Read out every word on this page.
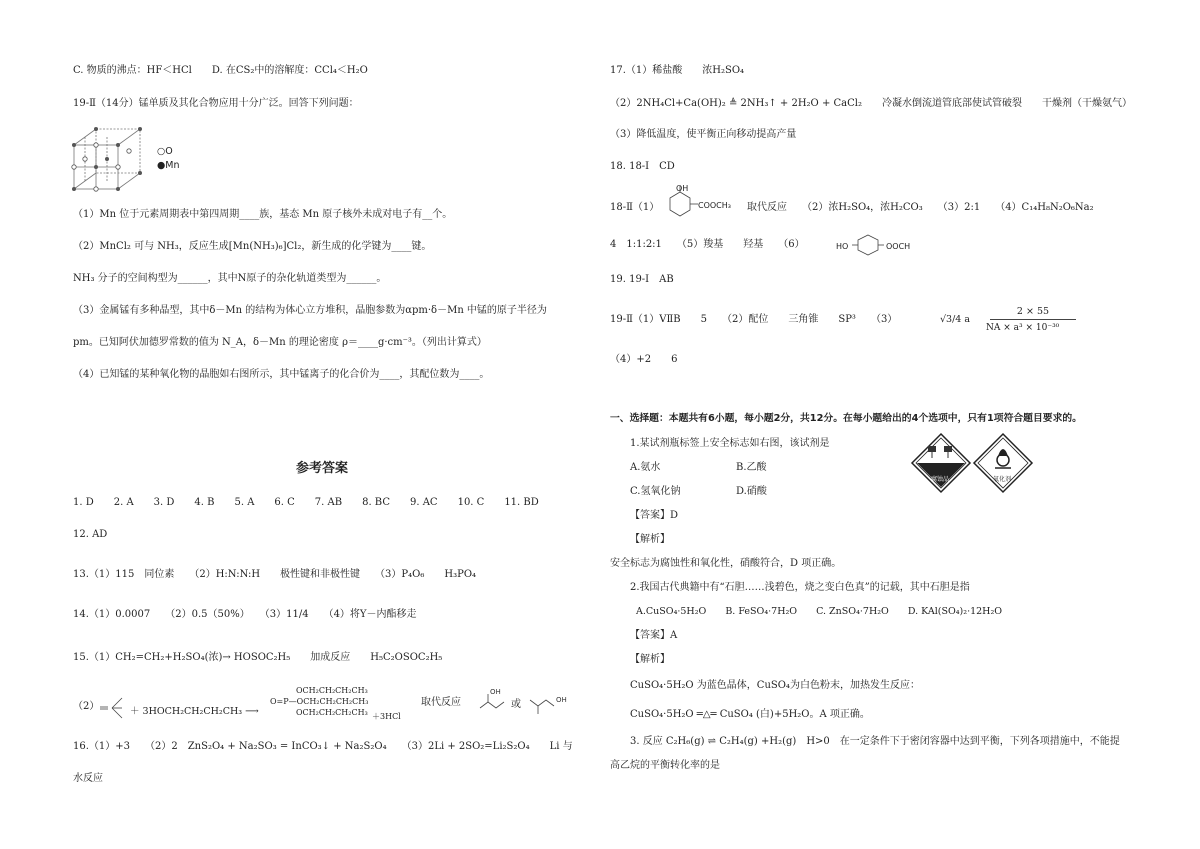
C. 物质的沸点：HF＜HCl　　D. 在CS₂中的溶解度：CCl₄＜H₂O
19-Ⅱ（14分）锰单质及其化合物应用十分广泛。回答下列问题：
○O
●Mn
（1）Mn 位于元素周期表中第四周期____族，基态 Mn 原子核外未成对电子有__个。
（2）MnCl₂ 可与 NH₃，反应生成[Mn(NH₃)₆]Cl₂，新生成的化学键为____键。
NH₃ 分子的空间构型为______，其中N原子的杂化轨道类型为______。
（3）金属锰有多种晶型，其中δ－Mn 的结构为体心立方堆积，晶胞参数为αpm·δ－Mn 中锰的原子半径为
pm。已知阿伏加德罗常数的值为 N_A，δ－Mn 的理论密度 ρ＝____g·cm⁻³。（列出计算式）
（4）已知锰的某种氧化物的晶胞如右图所示，其中锰离子的化合价为____，其配位数为____。
参考答案
1. D　　2. A　　3. D　　4. B　　5. A　　6. C　　7. AB　　8. BC　　9. AC　　10. C　　11. BD
12. AD
13.（1）115　同位素　　（2）H:N:N:H　　极性键和非极性键　　（3）P₄O₆　　H₃PO₄
14.（1）0.0007　　（2）0.5（50%）　　（3）11/4　　（4）将Y－内酯移走
15.（1）CH₂=CH₂+H₂SO₄(浓)→ HOSOC₂H₅　　加成反应　　H₅C₂OSOC₂H₅
（2）	＋ 3HOCH₂CH₂CH₂CH₃ ⟶
OCH₂CH₂CH₂CH₃
O=P—OCH₂CH₂CH₂CH₃
OCH₂CH₂CH₂CH₃ ＋3HCl
取代反应
OH
或	OH
16.（1）+3　　（2）2　ZnS₂O₄ + Na₂SO₃ = InCO₃↓ + Na₂S₂O₄　　（3）2Li + 2SO₂=Li₂S₂O₄　　Li 与
水反应
17.（1）稀盐酸　　浓H₂SO₄
（2）2NH₄Cl+Ca(OH)₂ ≜ 2NH₃↑ + 2H₂O + CaCl₂　　冷凝水倒流道管底部使试管破裂　　干燥剂（干燥氨气）
（3）降低温度，使平衡正向移动提高产量
18. 18-Ⅰ　CD
18-Ⅱ（1）
OH
COOCH₃ 取代反应　　（2）浓H₂SO₄，浓H₂CO₃　　（3）2:1　　（4）C₁₄H₈N₂O₆Na₂
4　1:1:2:1　　（5）羧基　　羟基　　（6）	HO	OOCH
19. 19-Ⅰ　AB
19-Ⅱ（1）VⅡB　　5　　（2）配位　　三角锥　　SP³　　（3）	√3/4 a
2 × 55
NA × a³ × 10⁻³⁰
（4）+2　　6
一、选择题：本题共有6小题，每小题2分，共12分。在每小题给出的4个选项中，只有1项符合题目要求的。
1.某试剂瓶标签上安全标志如右图，该试剂是
A.氨水	B.乙酸
C.氢氧化钠	D.硝酸
【答案】D
【解析】
安全标志为腐蚀性和氧化性，硝酸符合，D 项正确。
腐蚀品	氧化剂
2.我国古代典籍中有“石胆……浅碧色，烧之变白色真”的记载，其中石胆是指
A.CuSO₄·5H₂O　　B. FeSO₄·7H₂O　　C. ZnSO₄·7H₂O　　D. KAl(SO₄)₂·12H₂O
【答案】A
【解析】
CuSO₄·5H₂O 为蓝色晶体，CuSO₄为白色粉末，加热发生反应：
CuSO₄·5H₂O ═△═ CuSO₄ (白)+5H₂O。A 项正确。
3. 反应 C₂H₆(g) ⇌ C₂H₄(g) +H₂(g)　H>0　在一定条件下于密闭容器中达到平衡，下列各项措施中，不能提
高乙烷的平衡转化率的是
